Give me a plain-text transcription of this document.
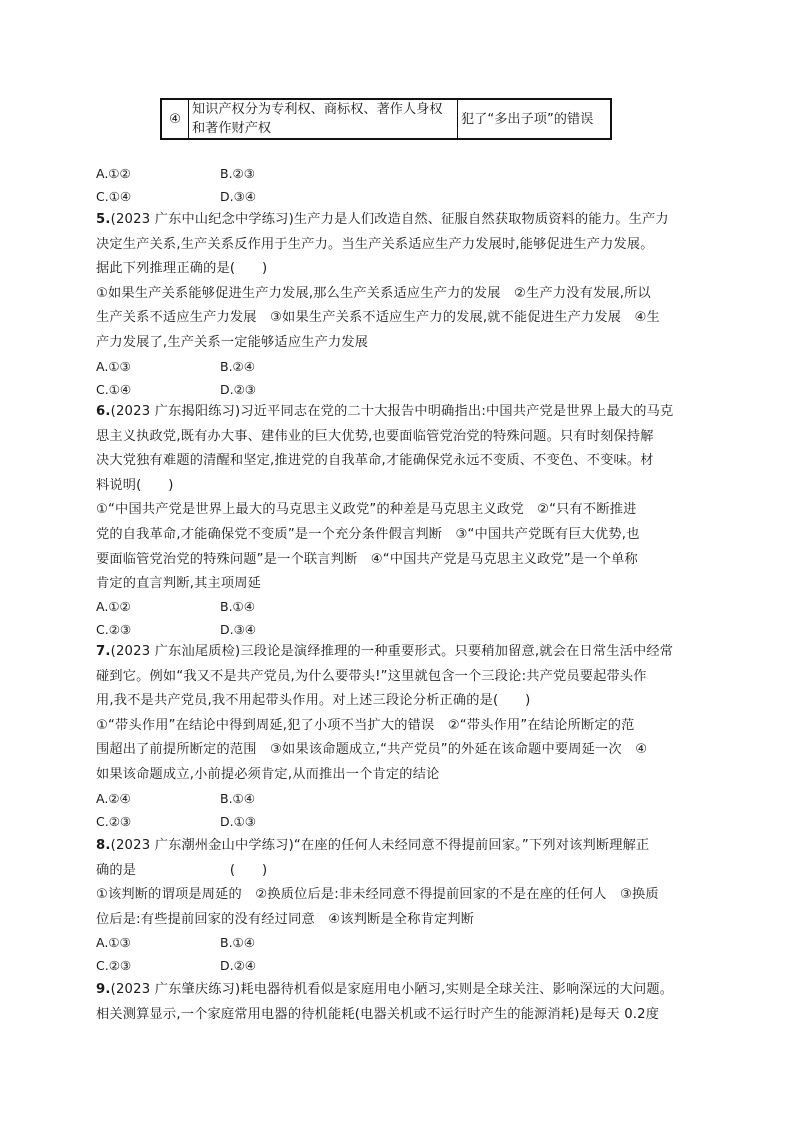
④	知识产权分为专利权、商标权、著作人身权和著作财产权	犯了“多出子项”的错误
A.①②	B.②③
C.①④	D.③④
5.(2023 广东中山纪念中学练习)生产力是人们改造自然、征服自然获取物质资料的能力。生产力
决定生产关系,生产关系反作用于生产力。当生产关系适应生产力发展时,能够促进生产力发展。
据此下列推理正确的是(　　)
①如果生产关系能够促进生产力发展,那么生产关系适应生产力的发展　②生产力没有发展,所以
生产关系不适应生产力发展　③如果生产关系不适应生产力的发展,就不能促进生产力发展　④生
产力发展了,生产关系一定能够适应生产力发展
A.①③	B.②④
C.①④	D.②③
6.(2023 广东揭阳练习)习近平同志在党的二十大报告中明确指出:中国共产党是世界上最大的马克
思主义执政党,既有办大事、建伟业的巨大优势,也要面临管党治党的特殊问题。只有时刻保持解
决大党独有难题的清醒和坚定,推进党的自我革命,才能确保党永远不变质、不变色、不变味。材
料说明(　　)
①“中国共产党是世界上最大的马克思主义政党”的种差是马克思主义政党　②“只有不断推进
党的自我革命,才能确保党不变质”是一个充分条件假言判断　③“中国共产党既有巨大优势,也
要面临管党治党的特殊问题”是一个联言判断　④“中国共产党是马克思主义政党”是一个单称
肯定的直言判断,其主项周延
A.①②	B.①④
C.②③	D.③④
7.(2023 广东汕尾质检)三段论是演绎推理的一种重要形式。只要稍加留意,就会在日常生活中经常
碰到它。例如“我又不是共产党员,为什么要带头!”这里就包含一个三段论:共产党员要起带头作
用,我不是共产党员,我不用起带头作用。对上述三段论分析正确的是(　　)
①“带头作用”在结论中得到周延,犯了小项不当扩大的错误　②“带头作用”在结论所断定的范
围超出了前提所断定的范围　③如果该命题成立,“共产党员”的外延在该命题中要周延一次　④
如果该命题成立,小前提必须肯定,从而推出一个肯定的结论
A.②④	B.①④
C.②③	D.①③
8.(2023 广东潮州金山中学练习)“在座的任何人未经同意不得提前回家。”下列对该判断理解正
确的是　　　　　　　(　　)
①该判断的谓项是周延的　②换质位后是:非未经同意不得提前回家的不是在座的任何人　③换质
位后是:有些提前回家的没有经过同意　④该判断是全称肯定判断
A.①③	B.①④
C.②③	D.②④
9.(2023 广东肇庆练习)耗电器待机看似是家庭用电小陋习,实则是全球关注、影响深远的大问题。
相关测算显示,一个家庭常用电器的待机能耗(电器关机或不运行时产生的能源消耗)是每天 0.2度
